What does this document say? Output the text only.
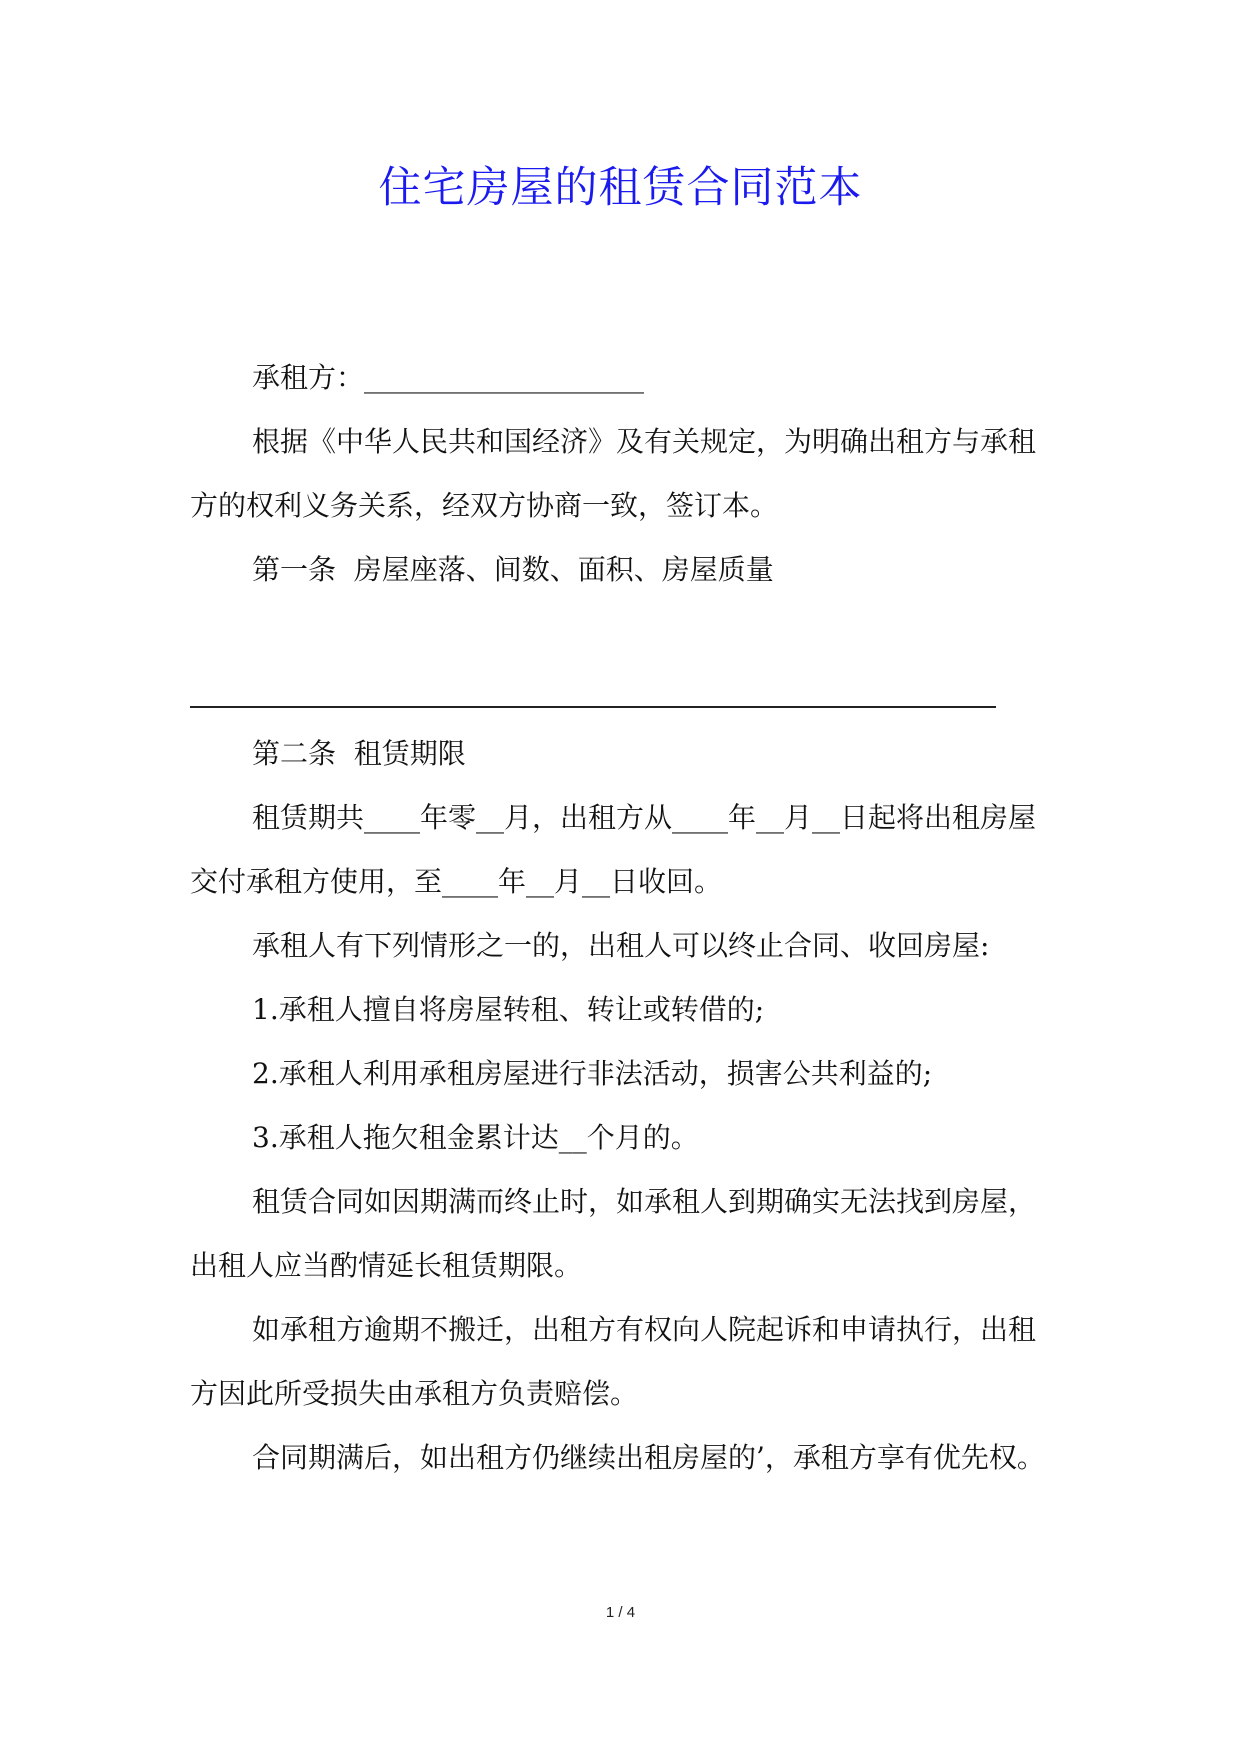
住宅房屋的租赁合同范本

承租方：____________________

根据《中华人民共和国经济》及有关规定，为明确出租方与承租方的权利义务关系，经双方协商一致，签订本。

第一条  房屋座落、间数、面积、房屋质量

第二条  租赁期限

租赁期共____年零__月，出租方从____年__月__日起将出租房屋交付承租方使用，至____年__月__日收回。

承租人有下列情形之一的，出租人可以终止合同、收回房屋:

1.承租人擅自将房屋转租、转让或转借的;

2.承租人利用承租房屋进行非法活动，损害公共利益的;

3.承租人拖欠租金累计达__个月的。

租赁合同如因期满而终止时，如承租人到期确实无法找到房屋，出租人应当酌情延长租赁期限。

如承租方逾期不搬迁，出租方有权向人院起诉和申请执行，出租方因此所受损失由承租方负责赔偿。

合同期满后，如出租方仍继续出租房屋的’，承租方享有优先权。

1 / 4
